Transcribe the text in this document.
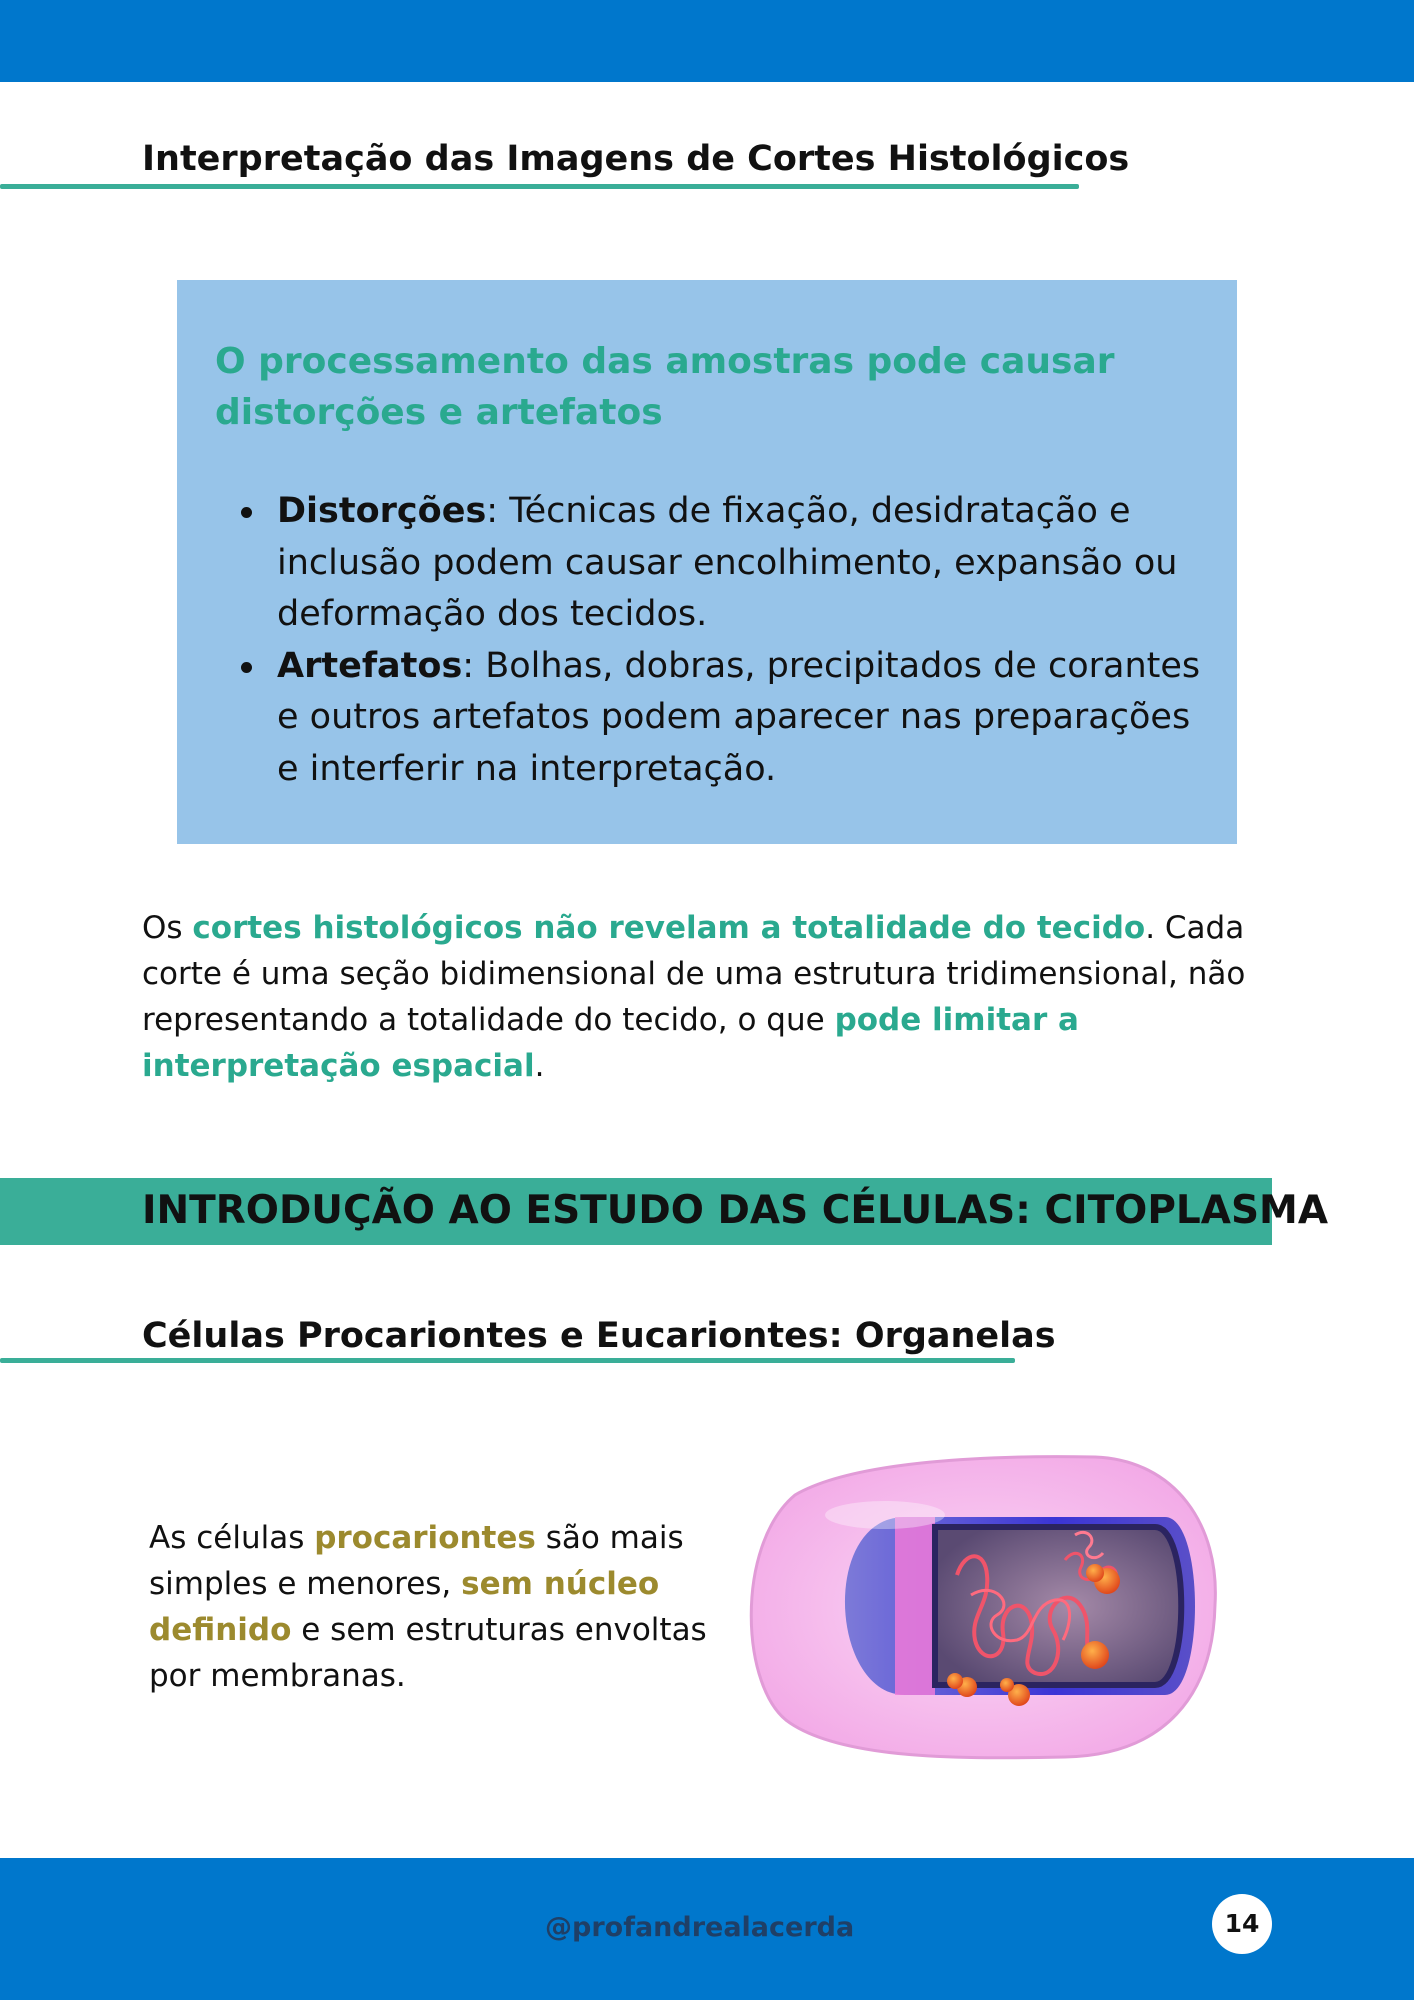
Interpretação das Imagens de Cortes Histológicos
O processamento das amostras pode causar distorções e artefatos
Distorções: Técnicas de fixação, desidratação e inclusão podem causar encolhimento, expansão ou deformação dos tecidos.
Artefatos: Bolhas, dobras, precipitados de corantes e outros artefatos podem aparecer nas preparações e interferir na interpretação.

Os cortes histológicos não revelam a totalidade do tecido. Cada corte é uma seção bidimensional de uma estrutura tridimensional, não representando a totalidade do tecido, o que pode limitar a interpretação espacial.

INTRODUÇÃO AO ESTUDO DAS CÉLULAS: CITOPLASMA
Células Procariontes e Eucariontes: Organelas

As células procariontes são mais simples e menores, sem núcleo definido e sem estruturas envoltas por membranas.

@profandrealacerda	14
